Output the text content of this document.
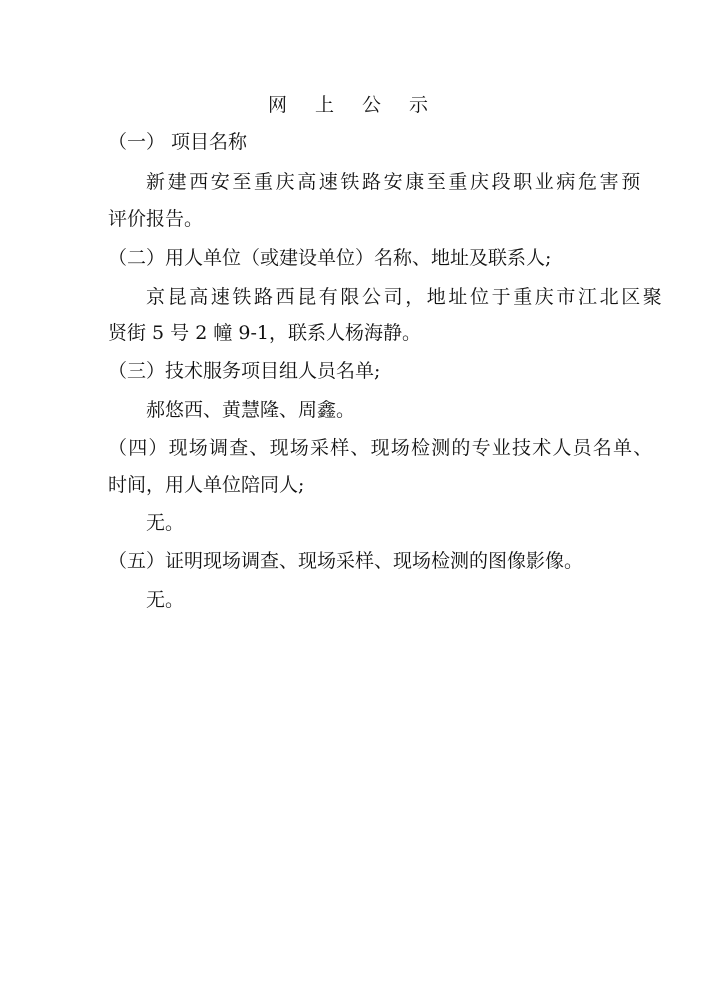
网 上 公 示
（一） 项目名称
新建西安至重庆高速铁路安康至重庆段职业病危害预
评价报告。
（二）用人单位（或建设单位）名称、地址及联系人;
京昆高速铁路西昆有限公司，地址位于重庆市江北区聚
贤街 5 号 2 幢 9-1，联系人杨海静。
（三）技术服务项目组人员名单;
郝悠西、黄慧隆、周鑫。
（四）现场调查、现场采样、现场检测的专业技术人员名单、
时间，用人单位陪同人;
无。
（五）证明现场调查、现场采样、现场检测的图像影像。
无。
